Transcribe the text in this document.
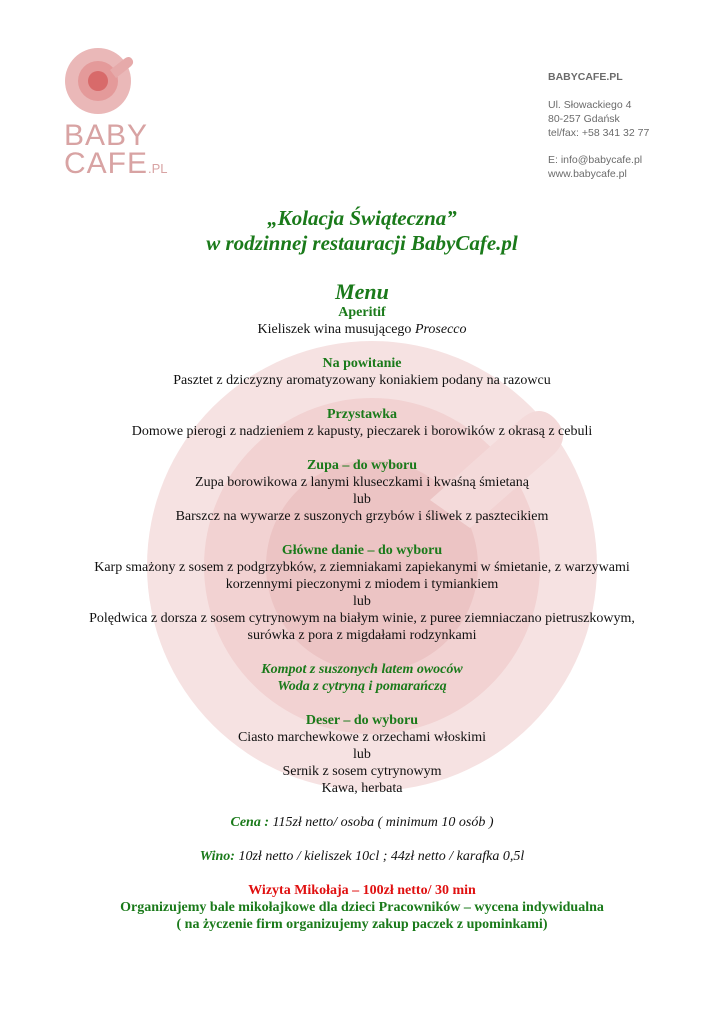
BABY
CAFE.PL
BABYCAFE.PL
Ul. Słowackiego 4
80-257 Gdańsk
tel/fax: +58 341 32 77
E: info@babycafe.pl
www.babycafe.pl
„Kolacja Świąteczna”
w rodzinnej restauracji BabyCafe.pl
Menu
Aperitif
Kieliszek wina musującego Prosecco
Na powitanie
Pasztet z dziczyzny aromatyzowany koniakiem podany na razowcu
Przystawka
Domowe pierogi z nadzieniem z kapusty, pieczarek i borowików z okrasą z cebuli
Zupa – do wyboru
Zupa borowikowa z lanymi kluseczkami i kwaśną śmietaną
lub
Barszcz na wywarze z suszonych grzybów i śliwek z pasztecikiem
Główne danie – do wyboru
Karp smażony z sosem z podgrzybków, z ziemniakami zapiekanymi w śmietanie, z warzywami
korzennymi pieczonymi z miodem i tymiankiem
lub
Polędwica z dorsza z sosem cytrynowym na białym winie, z puree ziemniaczano pietruszkowym,
surówka z pora z migdałami rodzynkami
Kompot z suszonych latem owoców
Woda z cytryną i pomarańczą
Deser – do wyboru
Ciasto marchewkowe z orzechami włoskimi
lub
Sernik z sosem cytrynowym
Kawa, herbata
Cena : 115zł netto/ osoba ( minimum 10 osób )
Wino: 10zł netto / kieliszek 10cl ; 44zł netto / karafka 0,5l
Wizyta Mikołaja – 100zł netto/ 30 min
Organizujemy bale mikołajkowe dla dzieci Pracowników – wycena indywidualna
( na życzenie firm organizujemy zakup paczek z upominkami)
